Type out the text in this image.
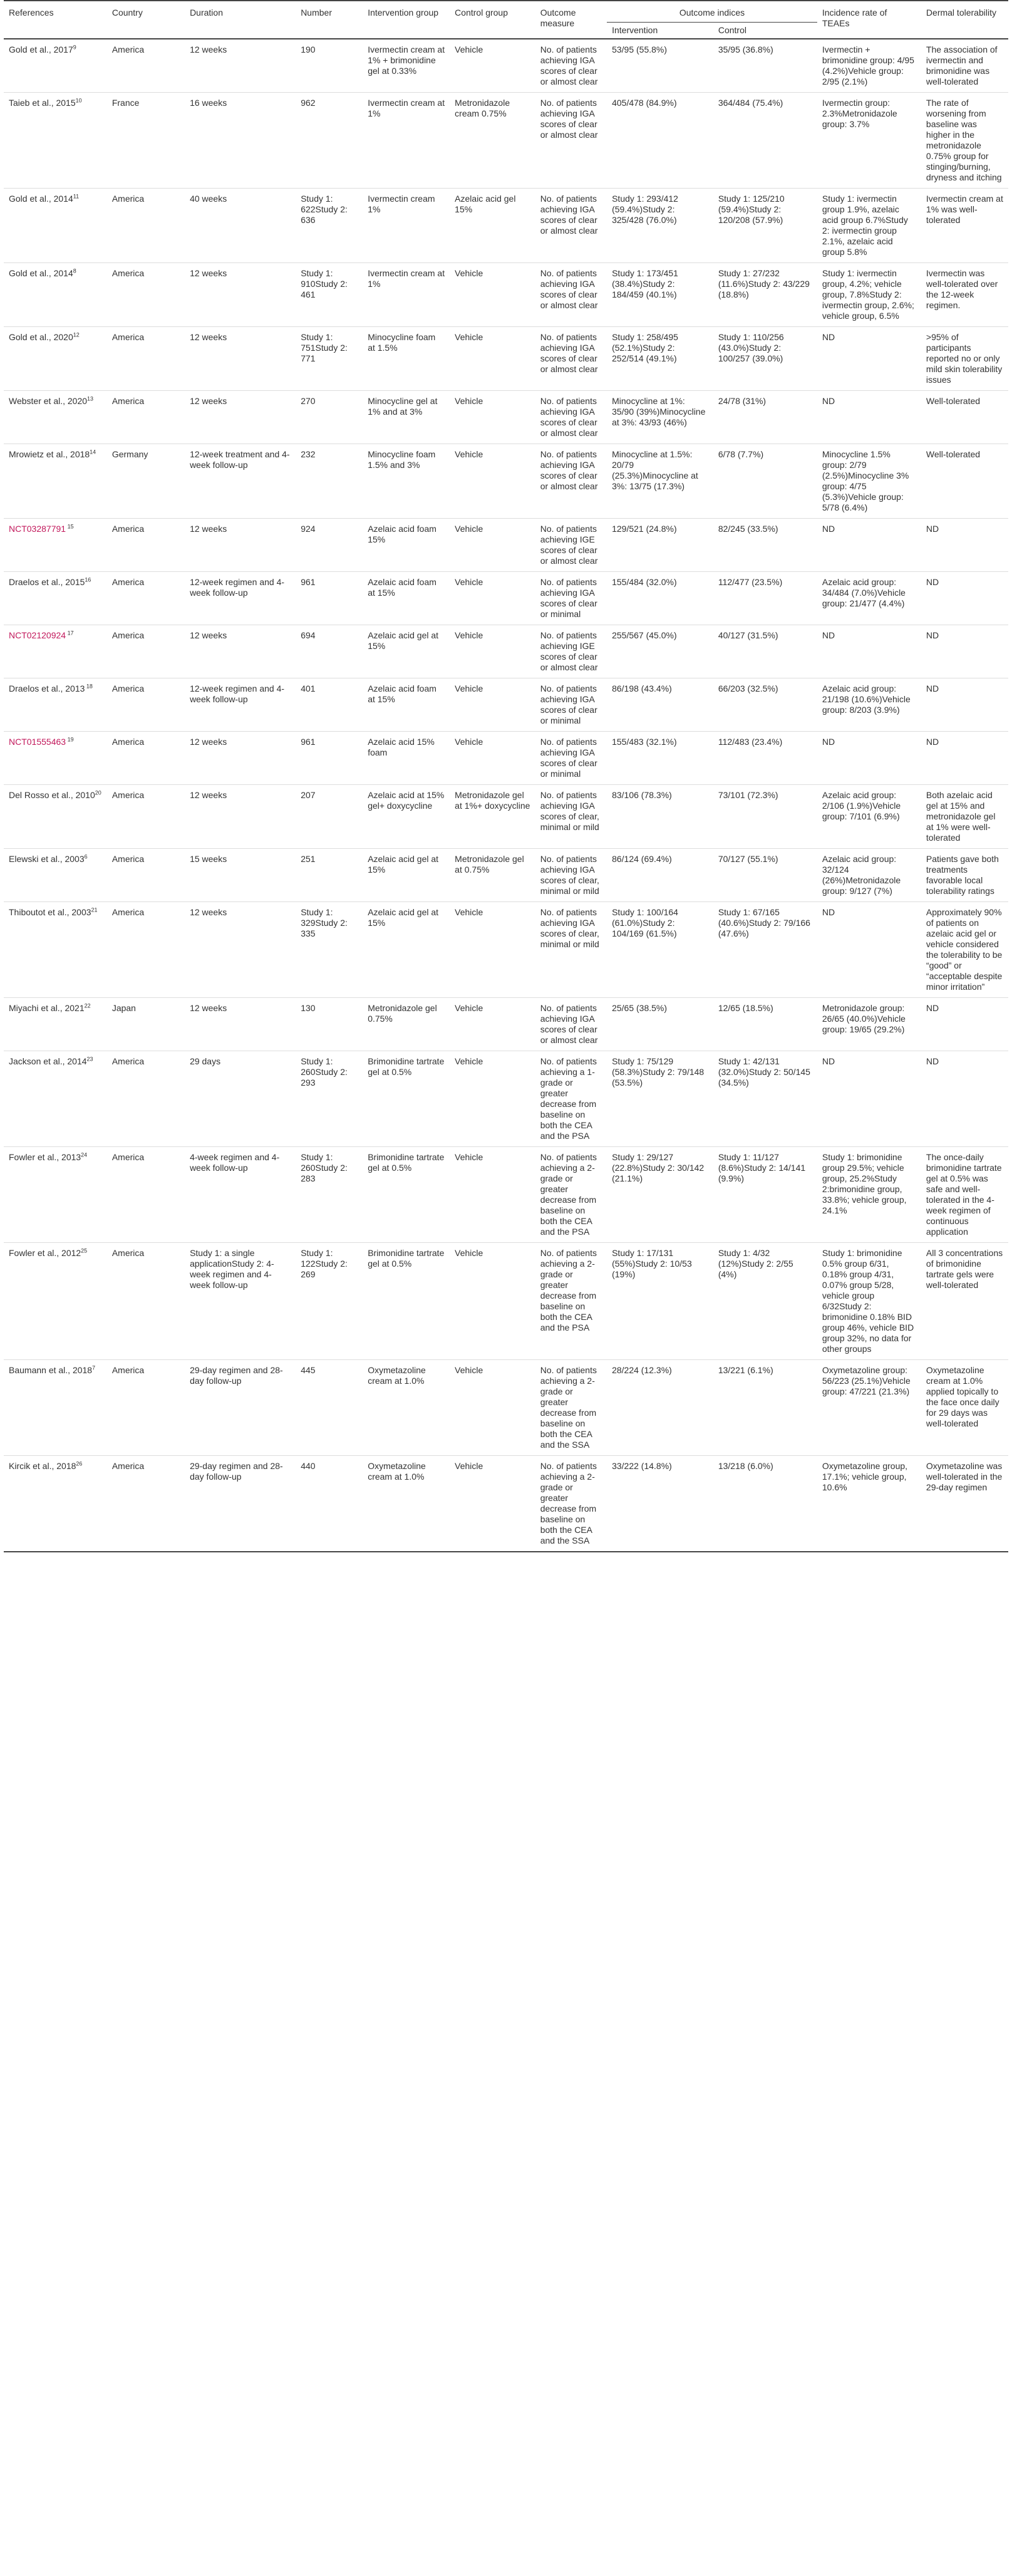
References	Country	Duration	Number	Intervention group	Control group	Outcome measure	Outcome indices		Incidence rate of TEAEs	Dermal tolerability
							Intervention	Control		
Gold et al., 2017$^9$	America	12 weeks	190	Ivermectin cream at 1% + brimonidine gel at 0.33%	Vehicle	No. of patients achieving IGA scores of clear or almost clear	53/95 (55.8%)	35/95 (36.8%)	Ivermectin + brimonidine group: 4/95 (4.2%)Vehicle group: 2/95 (2.1%)	The association of ivermectin and brimonidine was well-tolerated
Taieb et al., 2015$^{10}$	France	16 weeks	962	Ivermectin cream at 1%	Metronidazole cream 0.75%	No. of patients achieving IGA scores of clear or almost clear	405/478 (84.9%)	364/484 (75.4%)	Ivermectin group: 2.3%Metronidazole group: 3.7%	The rate of worsening from baseline was higher in the metronidazole 0.75% group for stinging/burning, dryness and itching
Gold et al., 2014$^{11}$	America	40 weeks	Study 1: 622Study 2: 636	Ivermectin cream 1%	Azelaic acid gel 15%	No. of patients achieving IGA scores of clear or almost clear	Study 1: 293/412 (59.4%)Study 2: 325/428 (76.0%)	Study 1: 125/210 (59.4%)Study 2: 120/208 (57.9%)	Study 1: ivermectin group 1.9%, azelaic acid group 6.7%Study 2: ivermectin group 2.1%, azelaic acid group 5.8%	Ivermectin cream at 1% was well-tolerated
Gold et al., 2014$^8$	America	12 weeks	Study 1: 910Study 2: 461	Ivermectin cream at 1%	Vehicle	No. of patients achieving IGA scores of clear or almost clear	Study 1: 173/451 (38.4%)Study 2: 184/459 (40.1%)	Study 1: 27/232 (11.6%)Study 2: 43/229 (18.8%)	Study 1: ivermectin group, 4.2%; vehicle group, 7.8%Study 2: ivermectin group, 2.6%; vehicle group, 6.5%	Ivermectin was well-tolerated over the 12-week regimen.
Gold et al., 2020$^{12}$	America	12 weeks	Study 1: 751Study 2: 771	Minocycline foam at 1.5%	Vehicle	No. of patients achieving IGA scores of clear or almost clear	Study 1: 258/495 (52.1%)Study 2: 252/514 (49.1%)	Study 1: 110/256 (43.0%)Study 2: 100/257 (39.0%)	ND	>95% of participants reported no or only mild skin tolerability issues
Webster et al., 2020$^{13}$	America	12 weeks	270	Minocycline gel at 1% and at 3%	Vehicle	No. of patients achieving IGA scores of clear or almost clear	Minocycline at 1%: 35/90 (39%)Minocycline at 3%: 43/93 (46%)	24/78 (31%)	ND	Well-tolerated
Mrowietz et al., 2018$^{14}$	Germany	12-week treatment and 4-week follow-up	232	Minocycline foam 1.5% and 3%	Vehicle	No. of patients achieving IGA scores of clear or almost clear	Minocycline at 1.5%: 20/79 (25.3%)Minocycline at 3%: 13/75 (17.3%)	6/78 (7.7%)	Minocycline 1.5% group: 2/79 (2.5%)Minocycline 3% group: 4/75 (5.3%)Vehicle group: 5/78 (6.4%)	Well-tolerated
NCT03287791 $^{15}$	America	12 weeks	924	Azelaic acid foam 15%	Vehicle	No. of patients achieving IGE scores of clear or almost clear	129/521 (24.8%)	82/245 (33.5%)	ND	ND
Draelos et al., 2015$^{16}$	America	12-week regimen and 4-week follow-up	961	Azelaic acid foam at 15%	Vehicle	No. of patients achieving IGA scores of clear or minimal	155/484 (32.0%)	112/477 (23.5%)	Azelaic acid group: 34/484 (7.0%)Vehicle group: 21/477 (4.4%)	ND
NCT02120924 $^{17}$	America	12 weeks	694	Azelaic acid gel at 15%	Vehicle	No. of patients achieving IGE scores of clear or almost clear	255/567 (45.0%)	40/127 (31.5%)	ND	ND
Draelos et al., 2013 $^{18}$	America	12-week regimen and 4-week follow-up	401	Azelaic acid foam at 15%	Vehicle	No. of patients achieving IGA scores of clear or minimal	86/198 (43.4%)	66/203 (32.5%)	Azelaic acid group: 21/198 (10.6%)Vehicle group: 8/203 (3.9%)	ND
NCT01555463 $^{19}$	America	12 weeks	961	Azelaic acid 15% foam	Vehicle	No. of patients achieving IGA scores of clear or minimal	155/483 (32.1%)	112/483 (23.4%)	ND	ND
Del Rosso et al., 2010$^{20}$	America	12 weeks	207	Azelaic acid at 15% gel+ doxycycline	Metronidazole gel at 1%+ doxycycline	No. of patients achieving IGA scores of clear, minimal or mild	83/106 (78.3%)	73/101 (72.3%)	Azelaic acid group: 2/106 (1.9%)Vehicle group: 7/101 (6.9%)	Both azelaic acid gel at 15% and metronidazole gel at 1% were well-tolerated
Elewski et al., 2003$^6$	America	15 weeks	251	Azelaic acid gel at 15%	Metronidazole gel at 0.75%	No. of patients achieving IGA scores of clear, minimal or mild	86/124 (69.4%)	70/127 (55.1%)	Azelaic acid group: 32/124 (26%)Metronidazole group: 9/127 (7%)	Patients gave both treatments favorable local tolerability ratings
Thiboutot et al., 2003$^{21}$	America	12 weeks	Study 1: 329Study 2: 335	Azelaic acid gel at 15%	Vehicle	No. of patients achieving IGA scores of clear, minimal or mild	Study 1: 100/164 (61.0%)Study 2: 104/169 (61.5%)	Study 1: 67/165 (40.6%)Study 2: 79/166 (47.6%)	ND	Approximately 90% of patients on azelaic acid gel or vehicle considered the tolerability to be “good” or “acceptable despite minor irritation”
Miyachi et al., 2021$^{22}$	Japan	12 weeks	130	Metronidazole gel 0.75%	Vehicle	No. of patients achieving IGA scores of clear or almost clear	25/65 (38.5%)	12/65 (18.5%)	Metronidazole group: 26/65 (40.0%)Vehicle group: 19/65 (29.2%)	ND
Jackson et al., 2014$^{23}$	America	29 days	Study 1: 260Study 2: 293	Brimonidine tartrate gel at 0.5%	Vehicle	No. of patients achieving a 1-grade or greater decrease from baseline on both the CEA and the PSA	Study 1: 75/129 (58.3%)Study 2: 79/148 (53.5%)	Study 1: 42/131 (32.0%)Study 2: 50/145 (34.5%)	ND	ND
Fowler et al., 2013$^{24}$	America	4-week regimen and 4-week follow-up	Study 1: 260Study 2: 283	Brimonidine tartrate gel at 0.5%	Vehicle	No. of patients achieving a 2-grade or greater decrease from baseline on both the CEA and the PSA	Study 1: 29/127 (22.8%)Study 2: 30/142 (21.1%)	Study 1: 11/127 (8.6%)Study 2: 14/141 (9.9%)	Study 1: brimonidine group 29.5%; vehicle group, 25.2%Study 2:brimonidine group, 33.8%; vehicle group, 24.1%	The once-daily brimonidine tartrate gel at 0.5% was safe and well-tolerated in the 4-week regimen of continuous application
Fowler et al., 2012$^{25}$	America	Study 1: a single applicationStudy 2: 4-week regimen and 4-week follow-up	Study 1: 122Study 2: 269	Brimonidine tartrate gel at 0.5%	Vehicle	No. of patients achieving a 2-grade or greater decrease from baseline on both the CEA and the PSA	Study 1: 17/131 (55%)Study 2: 10/53 (19%)	Study 1: 4/32 (12%)Study 2: 2/55 (4%)	Study 1: brimonidine 0.5% group 6/31, 0.18% group 4/31, 0.07% group 5/28, vehicle group 6/32Study 2: brimonidine 0.18% BID group 46%, vehicle BID group 32%, no data for other groups	All 3 concentrations of brimonidine tartrate gels were well-tolerated
Baumann et al., 2018$^7$	America	29-day regimen and 28-day follow-up	445	Oxymetazoline cream at 1.0%	Vehicle	No. of patients achieving a 2-grade or greater decrease from baseline on both the CEA and the SSA	28/224 (12.3%)	13/221 (6.1%)	Oxymetazoline group: 56/223 (25.1%)Vehicle group: 47/221 (21.3%)	Oxymetazoline cream at 1.0% applied topically to the face once daily for 29 days was well-tolerated
Kircik et al., 2018$^{26}$	America	29-day regimen and 28-day follow-up	440	Oxymetazoline cream at 1.0%	Vehicle	No. of patients achieving a 2-grade or greater decrease from baseline on both the CEA and the SSA	33/222 (14.8%)	13/218 (6.0%)	Oxymetazoline group, 17.1%; vehicle group, 10.6%	Oxymetazoline was well-tolerated in the 29-day regimen
